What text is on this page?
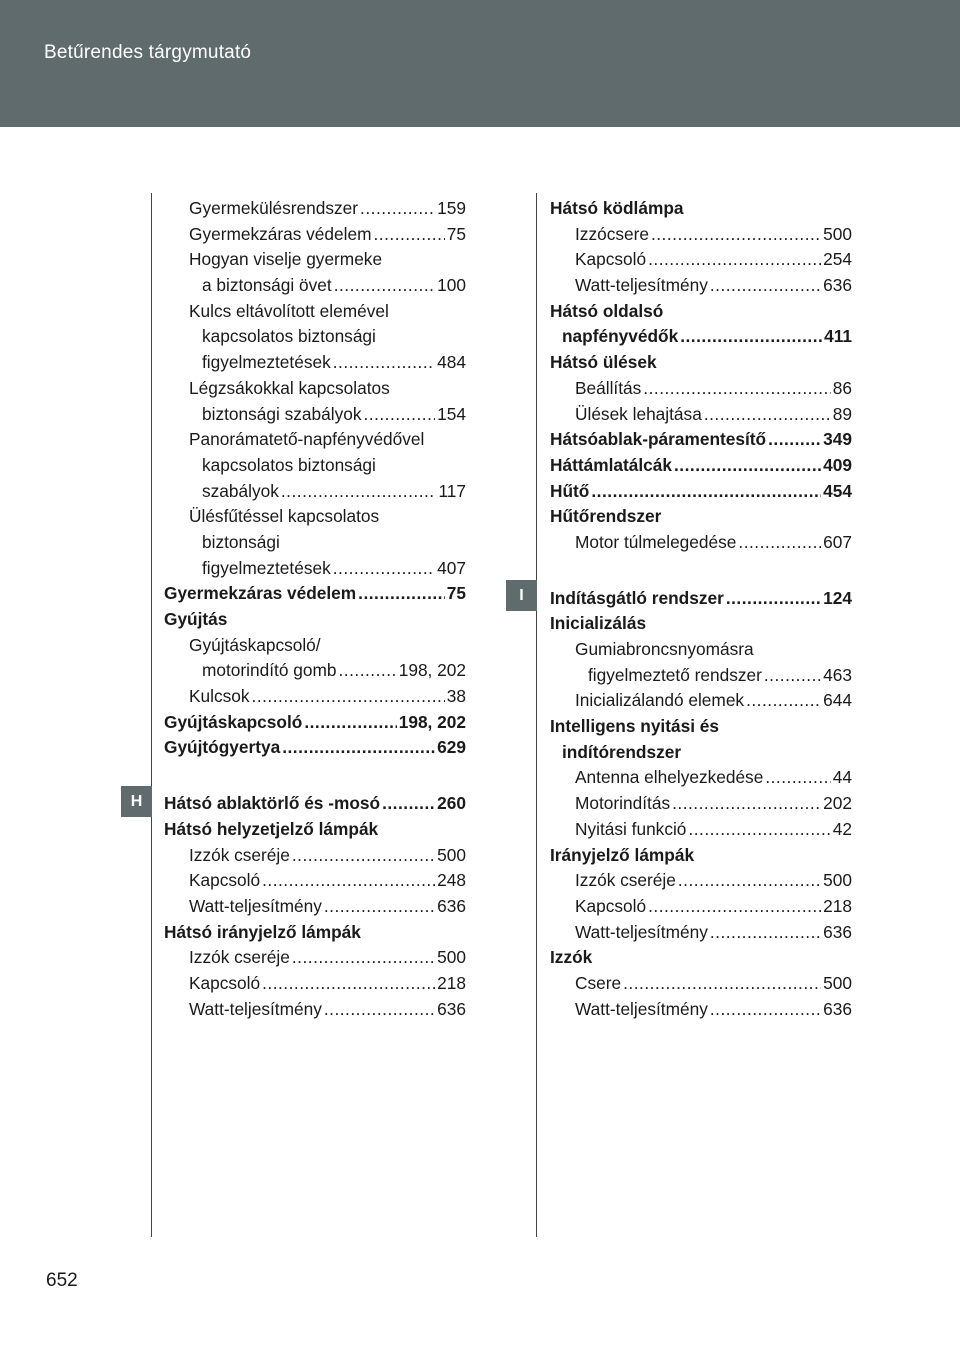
Betűrendes tárgymutató
H
I
Gyermekülésrendszer .....	159
Gyermekzáras védelem .....	75
Hogyan viselje gyermeke
a biztonsági övet .....	100
Kulcs eltávolított elemével
kapcsolatos biztonsági
figyelmeztetések .....	484
Légzsákokkal kapcsolatos
biztonsági szabályok .....	154
Panorámatető-napfényvédővel
kapcsolatos biztonsági
szabályok .....	117
Ülésfűtéssel kapcsolatos
biztonsági
figyelmeztetések .....	407
Gyermekzáras védelem .....	75
Gyújtás
Gyújtáskapcsoló/
motorindító gomb .....	198, 202
Kulcsok .....	38
Gyújtáskapcsoló .....	198, 202
Gyújtógyertya .....	629
Hátsó ablaktörlő és -mosó .....	260
Hátsó helyzetjelző lámpák
Izzók cseréje .....	500
Kapcsoló .....	248
Watt-teljesítmény .....	636
Hátsó irányjelző lámpák
Izzók cseréje .....	500
Kapcsoló .....	218
Watt-teljesítmény .....	636
Hátsó ködlámpa
Izzócsere .....	500
Kapcsoló .....	254
Watt-teljesítmény .....	636
Hátsó oldalsó
napfényvédők .....	411
Hátsó ülések
Beállítás .....	86
Ülések lehajtása .....	89
Hátsóablak-páramentesítő .....	349
Háttámlatálcák .....	409
Hűtő .....	454
Hűtőrendszer
Motor túlmelegedése .....	607
Indításgátló rendszer .....	124
Inicializálás
Gumiabroncsnyomásra
figyelmeztető rendszer .....	463
Inicializálandó elemek .....	644
Intelligens nyitási és
indítórendszer
Antenna elhelyezkedése .....	44
Motorindítás .....	202
Nyitási funkció .....	42
Irányjelző lámpák
Izzók cseréje .....	500
Kapcsoló .....	218
Watt-teljesítmény .....	636
Izzók
Csere .....	500
Watt-teljesítmény .....	636
652
